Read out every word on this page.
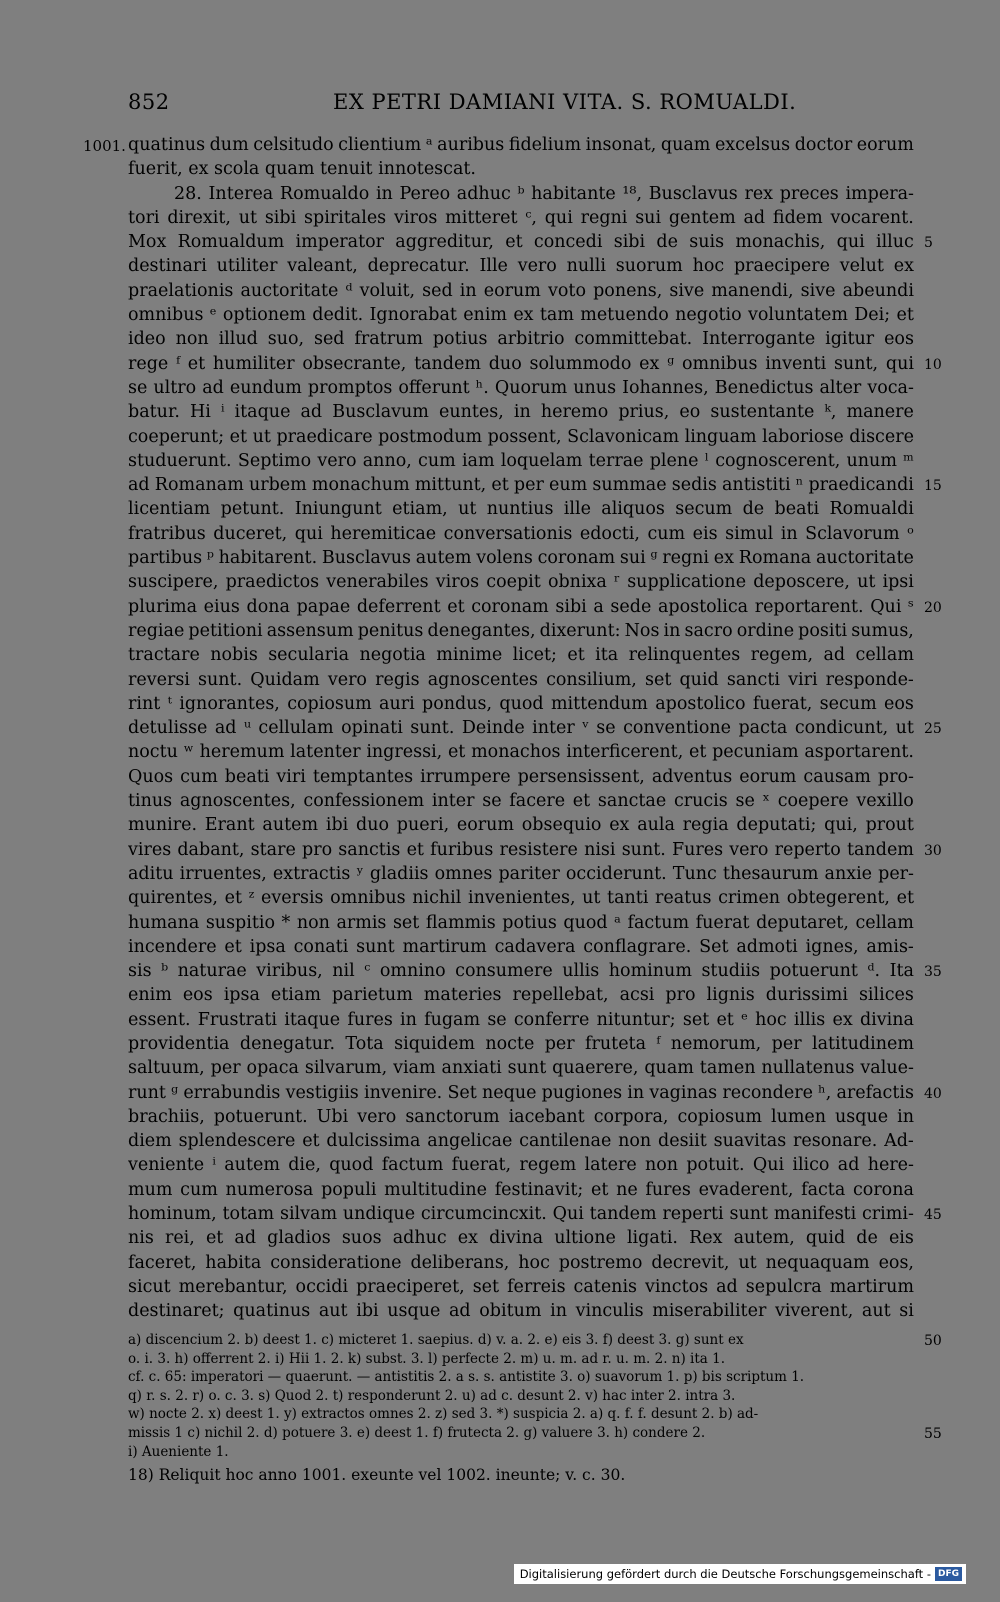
852	EX PETRI DAMIANI VITA. S. ROMUALDI.
1001. quatinus dum celsitudo clientium ᵃ auribus fidelium insonat, quam excelsus doctor eorum
fuerit, ex scola quam tenuit innotescat.
28. Interea Romualdo in Pereo adhuc ᵇ habitante ¹⁸, Busclavus rex preces impera-
tori direxit, ut sibi spiritales viros mitteret ᶜ, qui regni sui gentem ad fidem vocarent.
Mox Romualdum imperator aggreditur, et concedi sibi de suis monachis, qui illuc
destinari utiliter valeant, deprecatur. Ille vero nulli suorum hoc praecipere velut ex
praelationis auctoritate ᵈ voluit, sed in eorum voto ponens, sive manendi, sive abeundi
omnibus ᵉ optionem dedit. Ignorabat enim ex tam metuendo negotio voluntatem Dei; et
ideo non illud suo, sed fratrum potius arbitrio committebat. Interrogante igitur eos
rege ᶠ et humiliter obsecrante, tandem duo solummodo ex ᵍ omnibus inventi sunt, qui
se ultro ad eundum promptos offerunt ʰ. Quorum unus Iohannes, Benedictus alter voca-
batur. Hi ⁱ itaque ad Busclavum euntes, in heremo prius, eo sustentante ᵏ, manere
coeperunt; et ut praedicare postmodum possent, Sclavonicam linguam laboriose discere
studuerunt. Septimo vero anno, cum iam loquelam terrae plene ˡ cognoscerent, unum ᵐ
ad Romanam urbem monachum mittunt, et per eum summae sedis antistiti ⁿ praedicandi
licentiam petunt. Iniungunt etiam, ut nuntius ille aliquos secum de beati Romualdi
fratribus duceret, qui heremiticae conversationis edocti, cum eis simul in Sclavorum ᵒ
partibus ᵖ habitarent. Busclavus autem volens coronam sui ᵍ regni ex Romana auctoritate
suscipere, praedictos venerabiles viros coepit obnixa ʳ supplicatione deposcere, ut ipsi
plurima eius dona papae deferrent et coronam sibi a sede apostolica reportarent. Qui ˢ
regiae petitioni assensum penitus denegantes, dixerunt: Nos in sacro ordine positi sumus,
tractare nobis secularia negotia minime licet; et ita relinquentes regem, ad cellam
reversi sunt. Quidam vero regis agnoscentes consilium, set quid sancti viri responde-
rint ᵗ ignorantes, copiosum auri pondus, quod mittendum apostolico fuerat, secum eos
detulisse ad ᵘ cellulam opinati sunt. Deinde inter ᵛ se conventione pacta condicunt, ut
noctu ʷ heremum latenter ingressi, et monachos interficerent, et pecuniam asportarent.
Quos cum beati viri temptantes irrumpere persensissent, adventus eorum causam pro-
tinus agnoscentes, confessionem inter se facere et sanctae crucis se ˣ coepere vexillo
munire. Erant autem ibi duo pueri, eorum obsequio ex aula regia deputati; qui, prout
vires dabant, stare pro sanctis et furibus resistere nisi sunt. Fures vero reperto tandem
aditu irruentes, extractis ʸ gladiis omnes pariter occiderunt. Tunc thesaurum anxie per-
quirentes, et ᶻ eversis omnibus nichil invenientes, ut tanti reatus crimen obtegerent, et
humana suspitio * non armis set flammis potius quod ᵃ factum fuerat deputaret, cellam
incendere et ipsa conati sunt martirum cadavera conflagrare. Set admoti ignes, amis-
sis ᵇ naturae viribus, nil ᶜ omnino consumere ullis hominum studiis potuerunt ᵈ. Ita
enim eos ipsa etiam parietum materies repellebat, acsi pro lignis durissimi silices
essent. Frustrati itaque fures in fugam se conferre nituntur; set et ᵉ hoc illis ex divina
providentia denegatur. Tota siquidem nocte per fruteta ᶠ nemorum, per latitudinem
saltuum, per opaca silvarum, viam anxiati sunt quaerere, quam tamen nullatenus value-
runt ᵍ errabundis vestigiis invenire. Set neque pugiones in vaginas recondere ʰ, arefactis
brachiis, potuerunt. Ubi vero sanctorum iacebant corpora, copiosum lumen usque in
diem splendescere et dulcissima angelicae cantilenae non desiit suavitas resonare. Ad-
veniente ⁱ autem die, quod factum fuerat, regem latere non potuit. Qui ilico ad here-
mum cum numerosa populi multitudine festinavit; et ne fures evaderent, facta corona
hominum, totam silvam undique circumcincxit. Qui tandem reperti sunt manifesti crimi-
nis rei, et ad gladios suos adhuc ex divina ultione ligati. Rex autem, quid de eis
faceret, habita consideratione deliberans, hoc postremo decrevit, ut nequaquam eos,
sicut merebantur, occidi praeciperet, set ferreis catenis vinctos ad sepulcra martirum
destinaret; quatinus aut ibi usque ad obitum in vinculis miserabiliter viverent, aut si
5
10
15
20
25
30
35
40
45
50
55
a) discencium 2. b) deest 1. c) micteret 1. saepius. d) v. a. 2. e) eis 3. f) deest 3. g) sunt ex
o. i. 3. h) offerrent 2. i) Hii 1. 2. k) subst. 3. l) perfecte 2. m) u. m. ad r. u. m. 2. n) ita 1.
cf. c. 65: imperatori — quaerunt. — antistitis 2. a s. s. antistite 3. o) suavorum 1. p) bis scriptum 1.
q) r. s. 2. r) o. c. 3. s) Quod 2. t) responderunt 2. u) ad c. desunt 2. v) hac inter 2. intra 3.
w) nocte 2. x) deest 1. y) extractos omnes 2. z) sed 3. *) suspicia 2. a) q. f. f. desunt 2. b) ad-
missis 1 c) nichil 2. d) potuere 3. e) deest 1. f) frutecta 2. g) valuere 3. h) condere 2.
i) Aueniente 1.
18) Reliquit hoc anno 1001. exeunte vel 1002. ineunte; v. c. 30.
Digitalisierung gefördert durch die Deutsche Forschungsgemeinschaft - DFG
